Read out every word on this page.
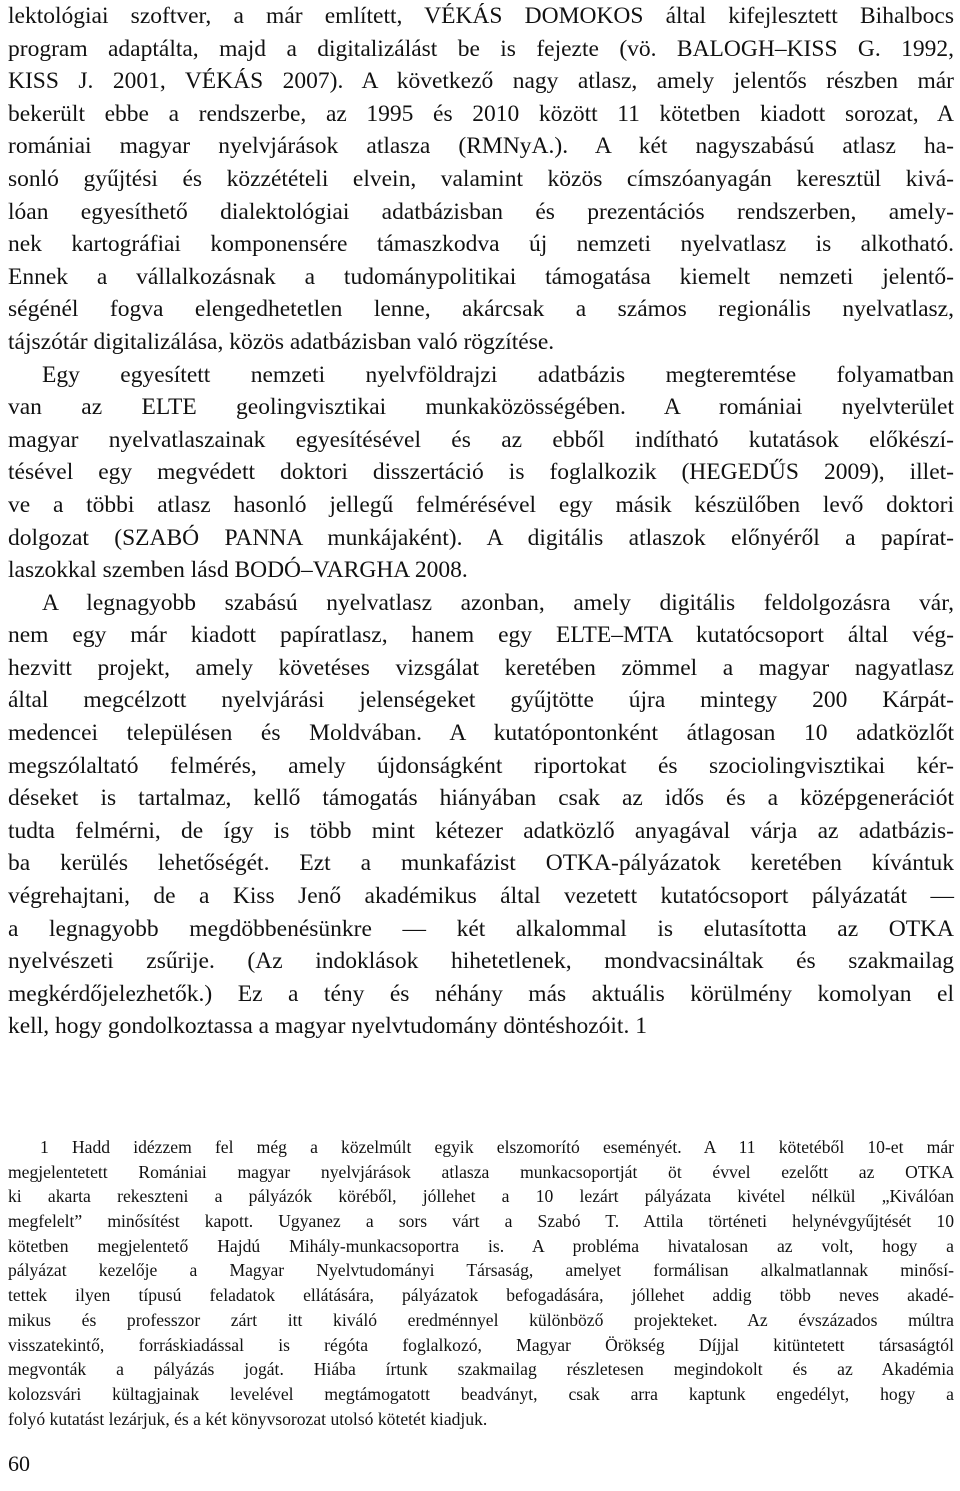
lektológiai szoftver, a már említett, VÉKÁS DOMOKOS által kifejlesztett Bihalbocs
program adaptálta, majd a digitalizálást be is fejezte (vö. BALOGH–KISS G. 1992,
KISS J. 2001, VÉKÁS 2007). A következő nagy atlasz, amely jelentős részben már
bekerült ebbe a rendszerbe, az 1995 és 2010 között 11 kötetben kiadott sorozat, A
romániai magyar nyelvjárások atlasza (RMNyA.). A két nagyszabású atlasz ha-
sonló gyűjtési és közzétételi elvein, valamint közös címszóanyagán keresztül kivá-
lóan egyesíthető dialektológiai adatbázisban és prezentációs rendszerben, amely-
nek kartográfiai komponensére támaszkodva új nemzeti nyelvatlasz is alkotható.
Ennek a vállalkozásnak a tudománypolitikai támogatása kiemelt nemzeti jelentő-
ségénél fogva elengedhetetlen lenne, akárcsak a számos regionális nyelvatlasz,
tájszótár digitalizálása, közös adatbázisban való rögzítése.
Egy egyesített nemzeti nyelvföldrajzi adatbázis megteremtése folyamatban
van az ELTE geolingvisztikai munkaközösségében. A romániai nyelvterület
magyar nyelvatlaszainak egyesítésével és az ebből indítható kutatások előkészí-
tésével egy megvédett doktori disszertáció is foglalkozik (HEGEDŰS 2009), illet-
ve a többi atlasz hasonló jellegű felmérésével egy másik készülőben levő doktori
dolgozat (SZABÓ PANNA munkájaként). A digitális atlaszok előnyéről a papírat-
laszokkal szemben lásd BODÓ–VARGHA 2008.
A legnagyobb szabású nyelvatlasz azonban, amely digitális feldolgozásra vár,
nem egy már kiadott papíratlasz, hanem egy ELTE–MTA kutatócsoport által vég-
hezvitt projekt, amely követéses vizsgálat keretében zömmel a magyar nagyatlasz
által megcélzott nyelvjárási jelenségeket gyűjtötte újra mintegy 200 Kárpát-
medencei településen és Moldvában. A kutatópontonként átlagosan 10 adatközlőt
megszólaltató felmérés, amely újdonságként riportokat és szociolingvisztikai kér-
déseket is tartalmaz, kellő támogatás hiányában csak az idős és a középgenerációt
tudta felmérni, de így is több mint kétezer adatközlő anyagával várja az adatbázis-
ba kerülés lehetőségét. Ezt a munkafázist OTKA-pályázatok keretében kívántuk
végrehajtani, de a Kiss Jenő akadémikus által vezetett kutatócsoport pályázatát —
a legnagyobb megdöbbenésünkre — két alkalommal is elutasította az OTKA
nyelvészeti zsűrije. (Az indoklások hihetetlenek, mondvacsináltak és szakmailag
megkérdőjelezhetők.) Ez a tény és néhány más aktuális körülmény komolyan el
kell, hogy gondolkoztassa a magyar nyelvtudomány döntéshozóit. 1
1 Hadd idézzem fel még a közelmúlt egyik elszomorító eseményét. A 11 kötetéből 10-et már
megjelentetett Romániai magyar nyelvjárások atlasza munkacsoportját öt évvel ezelőtt az OTKA
ki akarta rekeszteni a pályázók köréből, jóllehet a 10 lezárt pályázata kivétel nélkül „Kiválóan
megfelelt” minősítést kapott. Ugyanez a sors várt a Szabó T. Attila történeti helynévgyűjtését 10
kötetben megjelentető Hajdú Mihály-munkacsoportra is. A probléma hivatalosan az volt, hogy a
pályázat kezelője a Magyar Nyelvtudományi Társaság, amelyet formálisan alkalmatlannak minősí-
tettek ilyen típusú feladatok ellátására, pályázatok befogadására, jóllehet addig több neves akadé-
mikus és professzor zárt itt kiváló eredménnyel különböző projekteket. Az évszázados múltra
visszatekintő, forráskiadással is régóta foglalkozó, Magyar Örökség Díjjal kitüntetett társaságtól
megvonták a pályázás jogát. Hiába írtunk szakmailag részletesen megindokolt és az Akadémia
kolozsvári kültagjainak levelével megtámogatott beadványt, csak arra kaptunk engedélyt, hogy a
folyó kutatást lezárjuk, és a két könyvsorozat utolsó kötetét kiadjuk.
60
